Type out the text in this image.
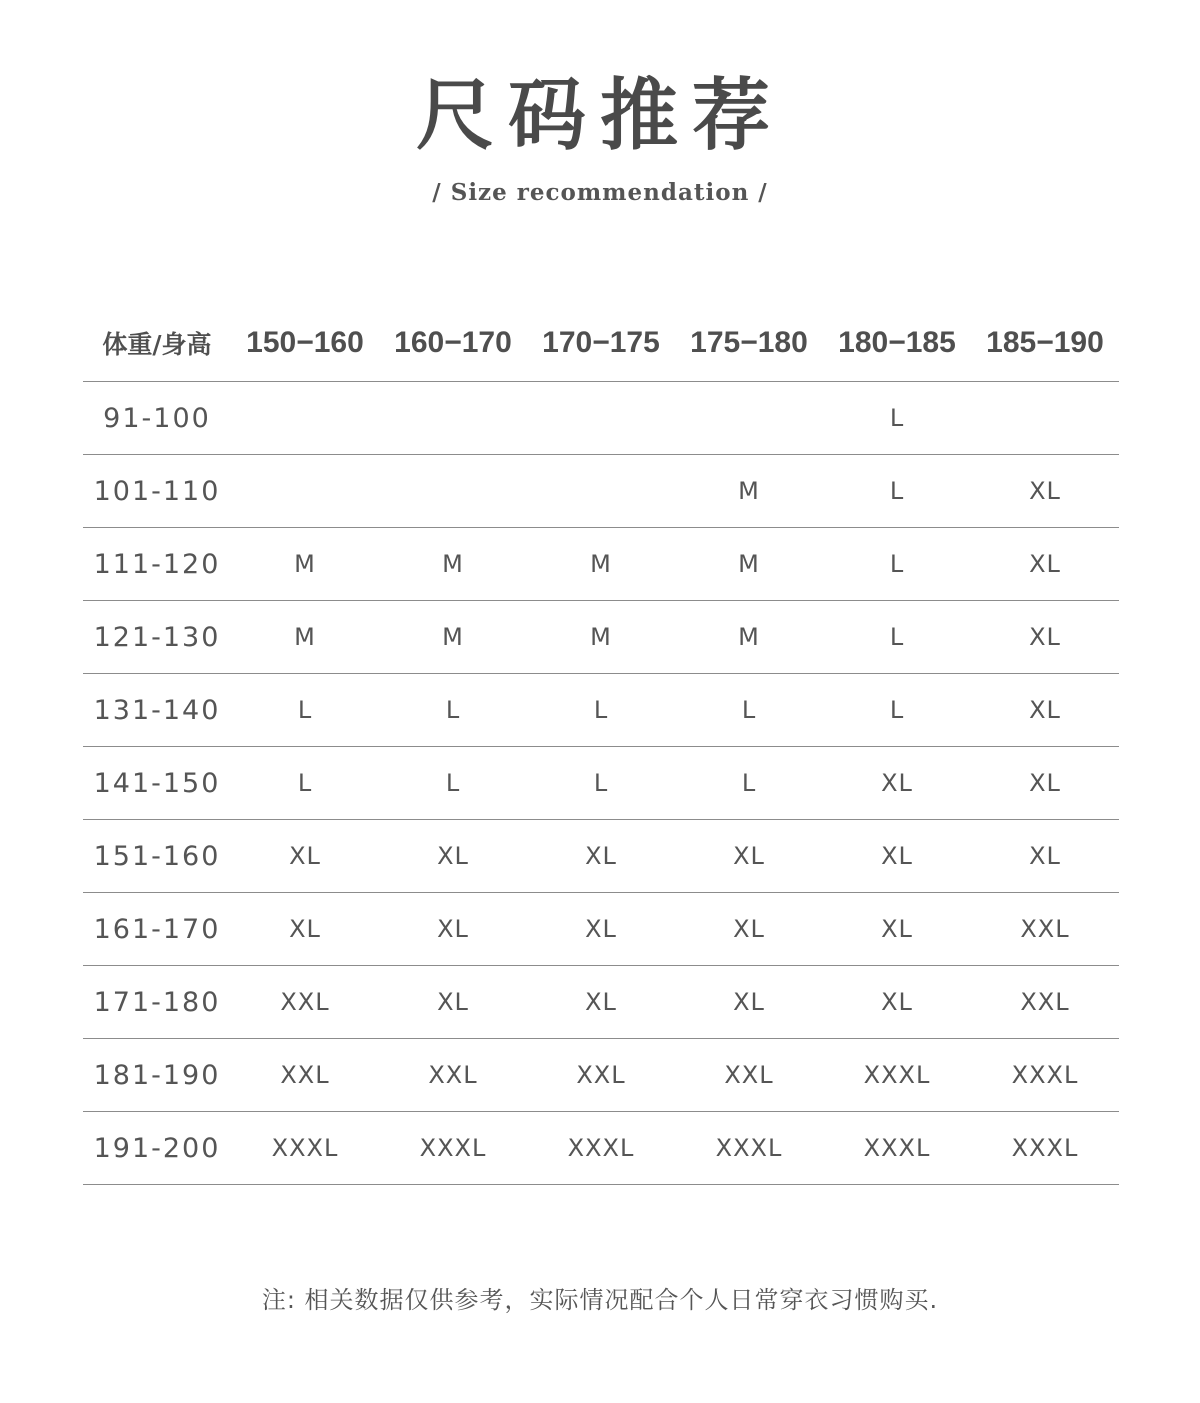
尺码推荐
/ Size recommendation /
体重/身高	150−160	160−170	170−175	175−180	180−185	185−190
91-100					L	
101-110				M	L	XL
111-120	M	M	M	M	L	XL
121-130	M	M	M	M	L	XL
131-140	L	L	L	L	L	XL
141-150	L	L	L	L	XL	XL
151-160	XL	XL	XL	XL	XL	XL
161-170	XL	XL	XL	XL	XL	XXL
171-180	XXL	XL	XL	XL	XL	XXL
181-190	XXL	XXL	XXL	XXL	XXXL	XXXL
191-200	XXXL	XXXL	XXXL	XXXL	XXXL	XXXL
注: 相关数据仅供参考，实际情况配合个人日常穿衣习惯购买.
